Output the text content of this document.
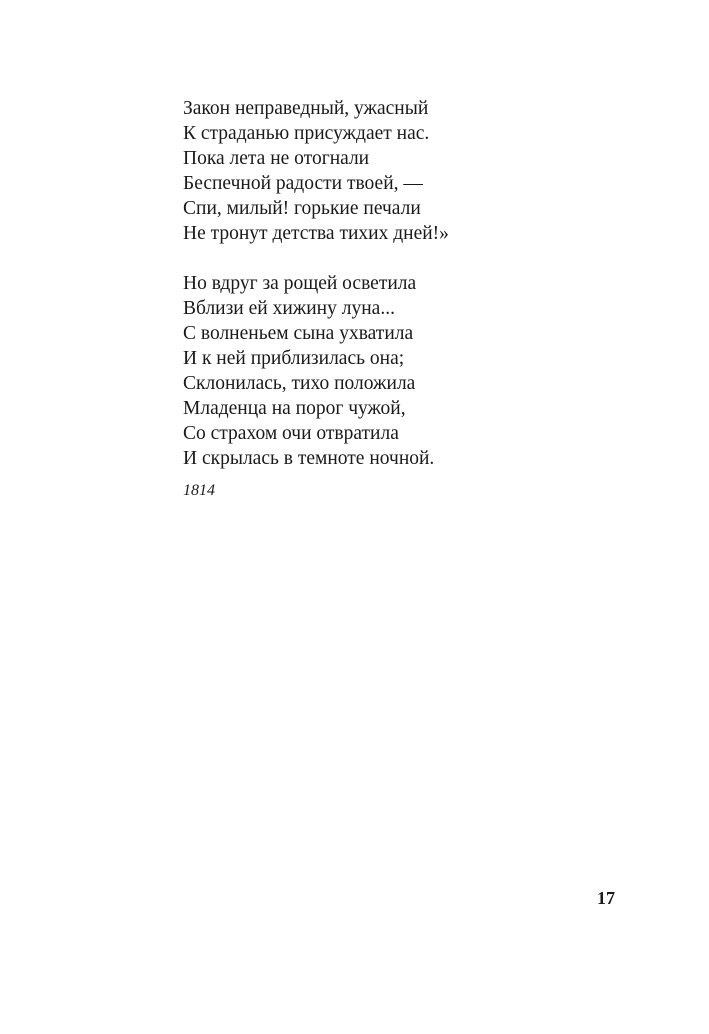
Закон неправедный, ужасный
К страданью присуждает нас.
Пока лета не отогнали
Беспечной радости твоей, —
Спи, милый! горькие печали
Не тронут детства тихих дней!»
Но вдруг за рощей осветила
Вблизи ей хижину луна...
С волненьем сына ухватила
И к ней приблизилась она;
Склонилась, тихо положила
Младенца на порог чужой,
Со страхом очи отвратила
И скрылась в темноте ночной.
1814
17
